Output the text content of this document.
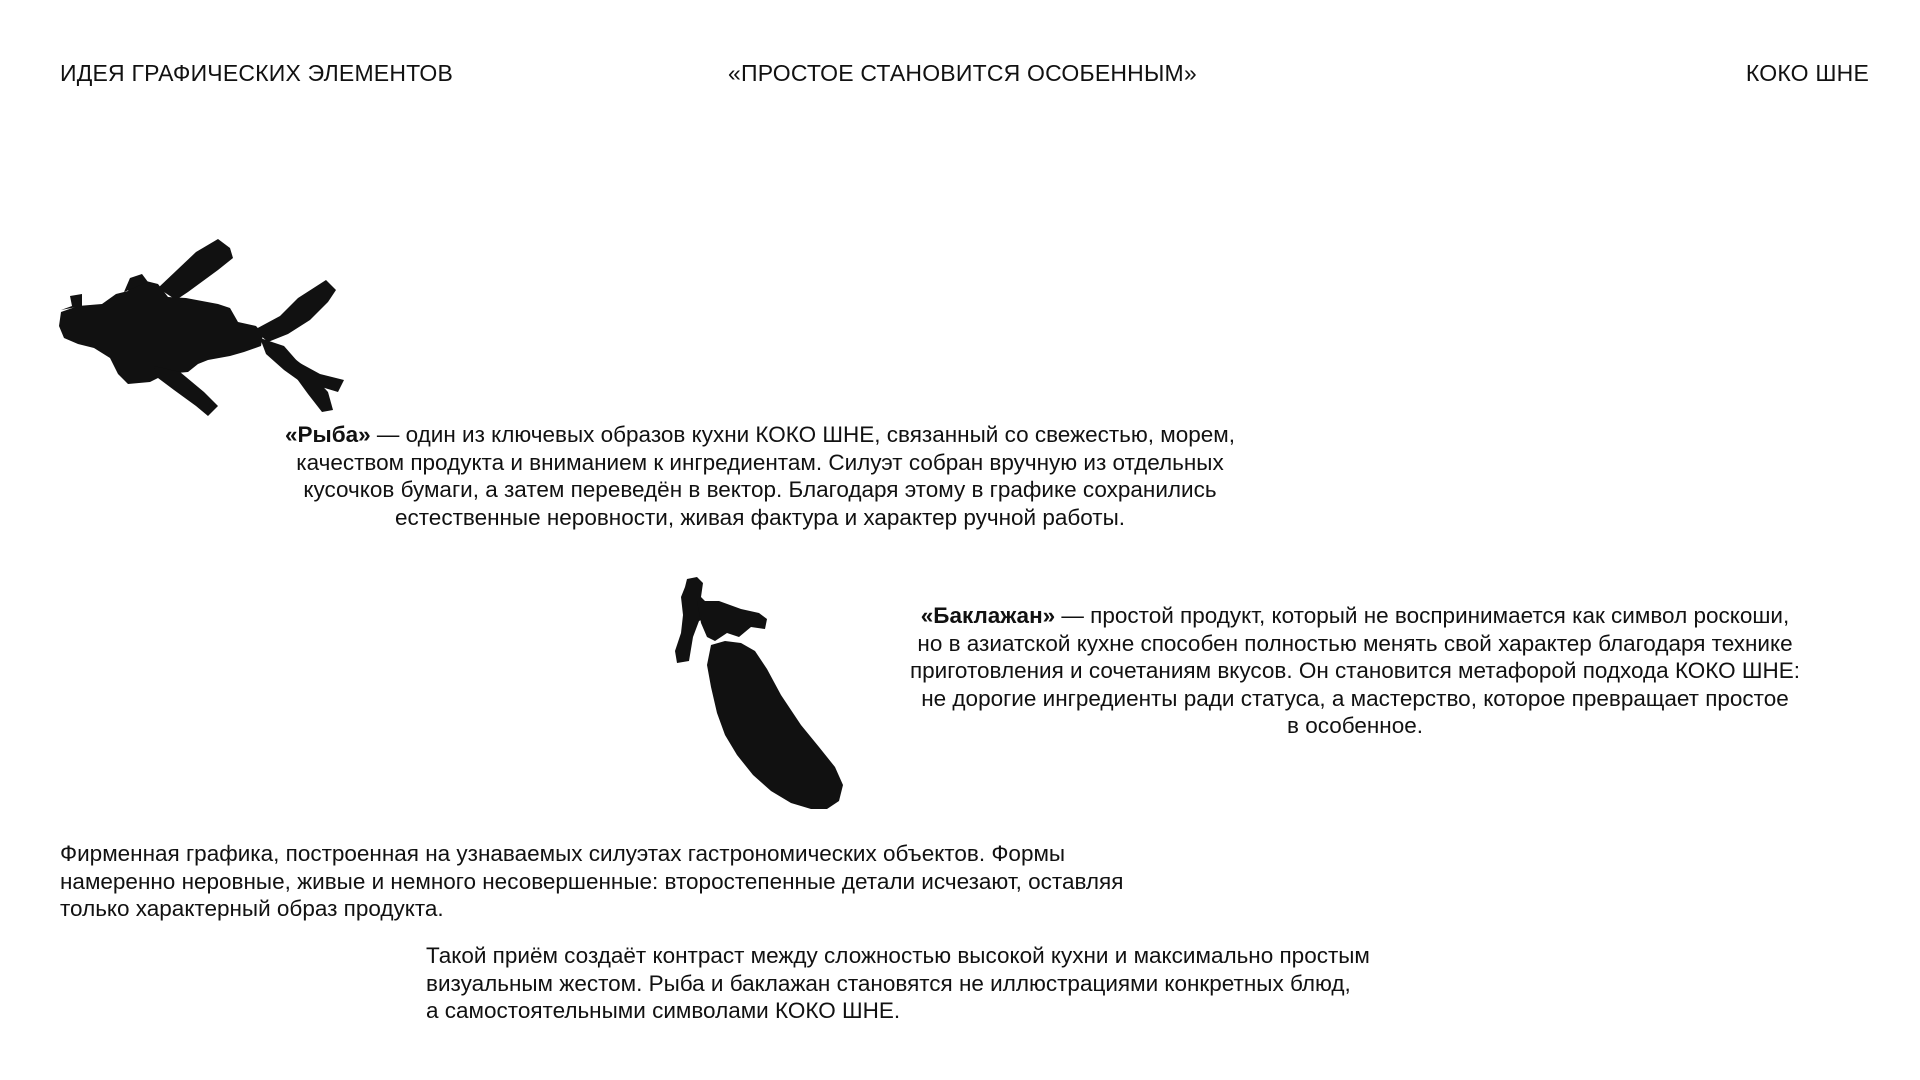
ИДЕЯ ГРАФИЧЕСКИХ ЭЛЕМЕНТОВ	«ПРОСТОЕ СТАНОВИТСЯ ОСОБЕННЫМ»	КОКО ШНЕ
«Рыба» — один из ключевых образов кухни КОКО ШНЕ, связанный со свежестью, морем,
качеством продукта и вниманием к ингредиентам. Силуэт собран вручную из отдельных
кусочков бумаги, а затем переведён в вектор. Благодаря этому в графике сохранились
естественные неровности, живая фактура и характер ручной работы.
«Баклажан» — простой продукт, который не воспринимается как символ роскоши,
но в азиатской кухне способен полностью менять свой характер благодаря технике
приготовления и сочетаниям вкусов. Он становится метафорой подхода КОКО ШНЕ:
не дорогие ингредиенты ради статуса, а мастерство, которое превращает простое
в особенное.
Фирменная графика, построенная на узнаваемых силуэтах гастрономических объектов. Формы
намеренно неровные, живые и немного несовершенные: второстепенные детали исчезают, оставляя
только характерный образ продукта.
Такой приём создаёт контраст между сложностью высокой кухни и максимально простым
визуальным жестом. Рыба и баклажан становятся не иллюстрациями конкретных блюд,
а самостоятельными символами КОКО ШНЕ.
